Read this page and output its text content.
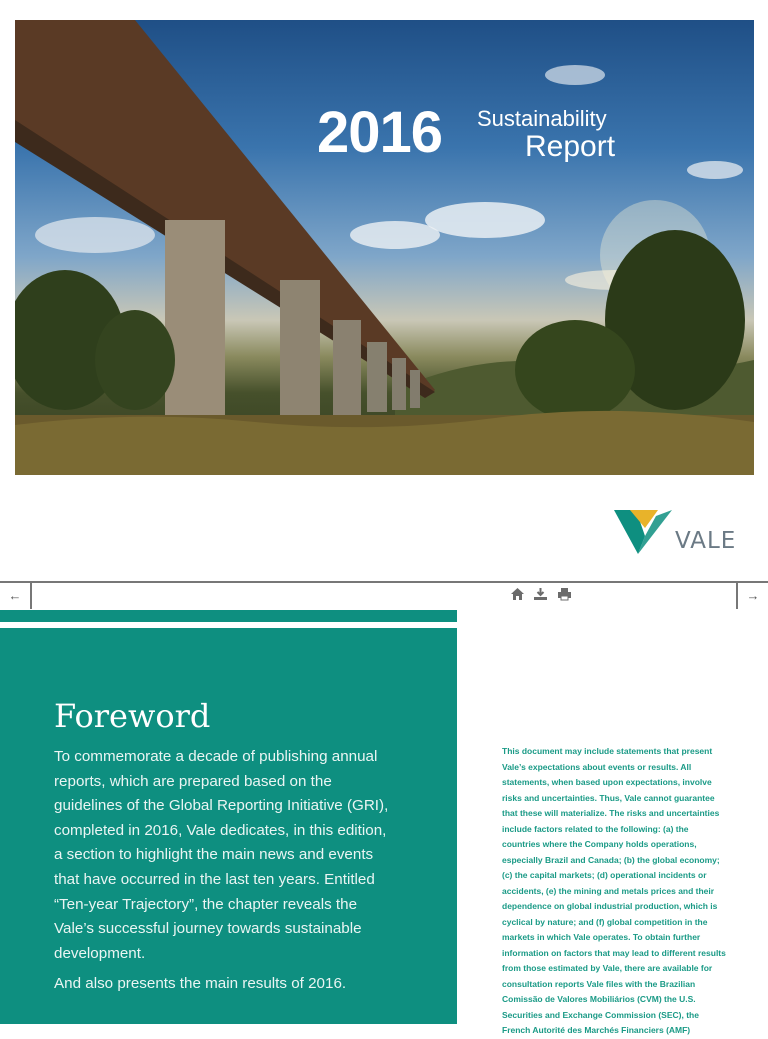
2016 Sustainability
Report
VALE
←
	→
Foreword

To commemorate a decade of publishing annual reports, which are prepared based on the guidelines of the Global Reporting Initiative (GRI), completed in 2016, Vale dedicates, in this edition, a section to highlight the main news and events that have occurred in the last ten years. Entitled “Ten-year Trajectory”, the chapter reveals the Vale’s successful journey towards sustainable development.

And also presents the main results of 2016.

This document may include statements that present Vale’s expectations about events or results. All statements, when based upon expectations, involve risks and uncertainties. Thus, Vale cannot guarantee that these will materialize. The risks and uncertainties include factors related to the following: (a) the countries where the Company holds operations, especially Brazil and Canada; (b) the global economy; (c) the capital markets; (d) operational incidents or accidents, (e) the mining and metals prices and their dependence on global industrial production, which is cyclical by nature; and (f) global competition in the markets in which Vale operates. To obtain further information on factors that may lead to different results from those estimated by Vale, there are available for consultation reports Vale files with the Brazilian Comissão de Valores Mobiliários (CVM) the U.S. Securities and Exchange Commission (SEC), the French Autorité des Marchés Financiers (AMF)
